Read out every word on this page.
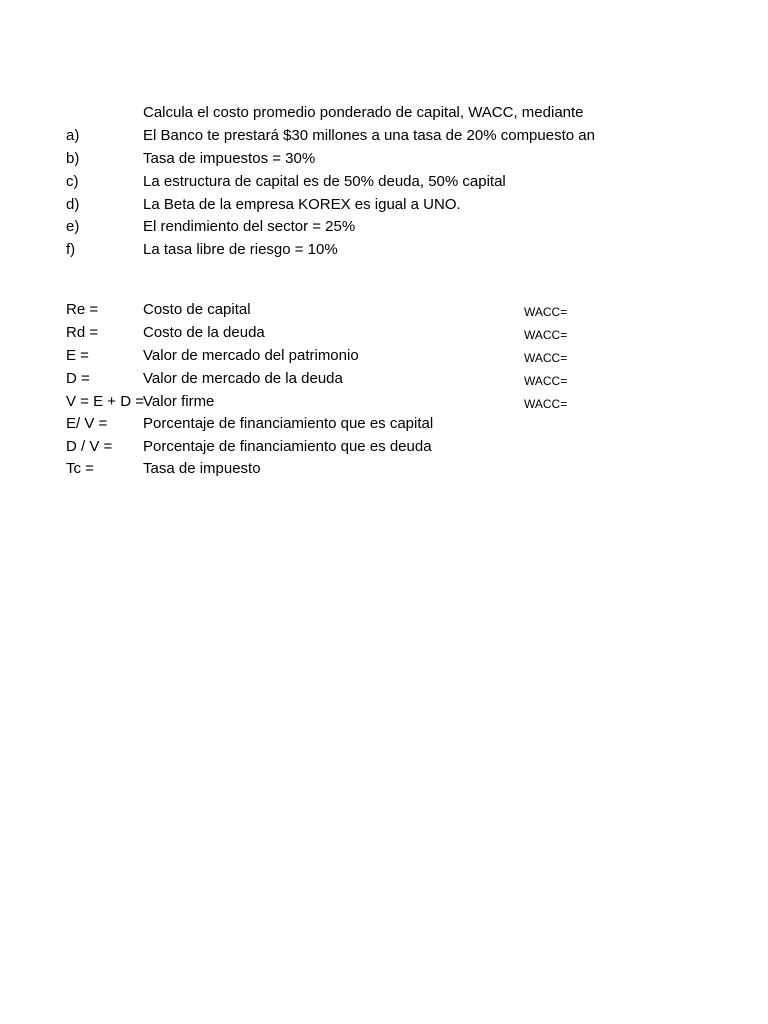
Calcula el costo promedio ponderado de capital, WACC, mediante
a)	El Banco te prestará $30 millones a una tasa de 20% compuesto an
b)	Tasa de impuestos = 30%
c)	La estructura de capital es de 50% deuda, 50% capital
d)	La Beta de la empresa KOREX es igual a UNO.
e)	El rendimiento del sector = 25%
f)	La tasa libre de riesgo = 10%
Re =	Costo de capital	WACC=
Rd =	Costo de la deuda	WACC=
E =	Valor de mercado del patrimonio	WACC=
D =	Valor de mercado de la deuda	WACC=
V = E + D = Valor firme	WACC=
E/ V = Porcentaje de financiamiento que es capital
D / V = Porcentaje de financiamiento que es deuda
Tc =	Tasa de impuesto
